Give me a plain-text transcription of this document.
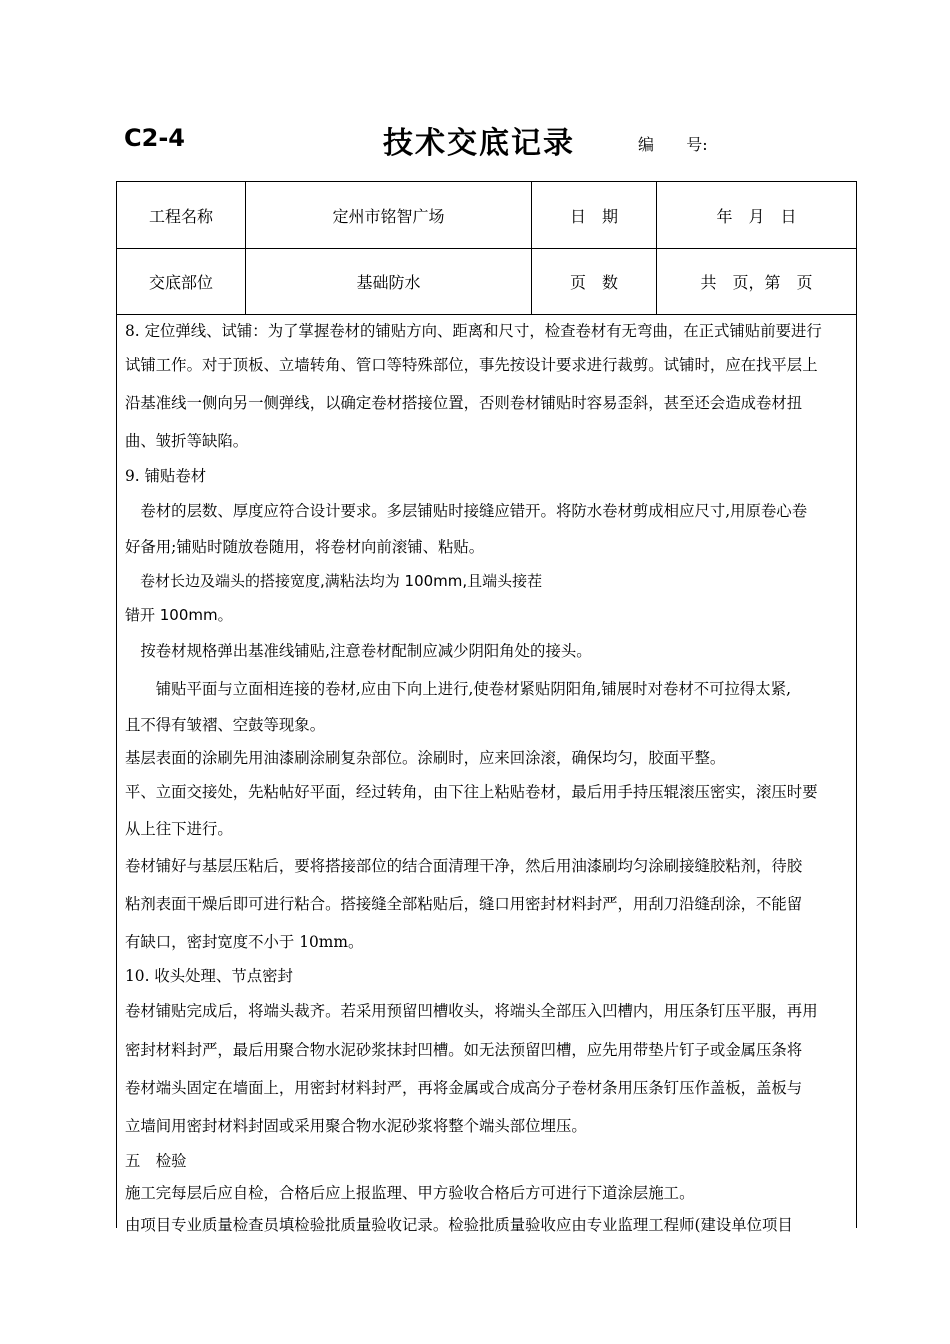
C2-4	技术交底记录	编 号:
工程名称	定州市铭智广场	日　期	年　月　日
交底部位	基础防水	页　数	共　页，第　页

8. 定位弹线、试铺：为了掌握卷材的铺贴方向、距离和尺寸，检查卷材有无弯曲，在正式铺贴前要进行

试铺工作。对于顶板、立墙转角、管口等特殊部位，事先按设计要求进行裁剪。试铺时，应在找平层上

沿基准线一侧向另一侧弹线，以确定卷材搭接位置，否则卷材铺贴时容易歪斜，甚至还会造成卷材扭

曲、皱折等缺陷。

9. 铺贴卷材

　卷材的层数、厚度应符合设计要求。多层铺贴时接缝应错开。将防水卷材剪成相应尺寸,用原卷心卷

好备用;铺贴时随放卷随用，将卷材向前滚铺、粘贴。

　卷材长边及端头的搭接宽度,满粘法均为 100mm,且端头接茬

错开 100mm。

　按卷材规格弹出基准线铺贴,注意卷材配制应减少阴阳角处的接头。

　　铺贴平面与立面相连接的卷材,应由下向上进行,使卷材紧贴阴阳角,铺展时对卷材不可拉得太紧,

且不得有皱褶、空鼓等现象。

基层表面的涂刷先用油漆刷涂刷复杂部位。涂刷时，应来回涂滚，确保均匀，胶面平整。

平、立面交接处，先粘帖好平面，经过转角，由下往上粘贴卷材，最后用手持压辊滚压密实，滚压时要

从上往下进行。

卷材铺好与基层压粘后，要将搭接部位的结合面清理干净，然后用油漆刷均匀涂刷接缝胶粘剂，待胶

粘剂表面干燥后即可进行粘合。搭接缝全部粘贴后，缝口用密封材料封严，用刮刀沿缝刮涂，不能留

有缺口，密封宽度不小于 10mm。

10. 收头处理、节点密封

卷材铺贴完成后，将端头裁齐。若采用预留凹槽收头，将端头全部压入凹槽内，用压条钉压平服，再用

密封材料封严，最后用聚合物水泥砂浆抹封凹槽。如无法预留凹槽，应先用带垫片钉子或金属压条将

卷材端头固定在墙面上，用密封材料封严，再将金属或合成高分子卷材条用压条钉压作盖板，盖板与

立墙间用密封材料封固或采用聚合物水泥砂浆将整个端头部位埋压。

五　检验

施工完每层后应自检，合格后应上报监理、甲方验收合格后方可进行下道涂层施工。

由项目专业质量检查员填检验批质量验收记录。检验批质量验收应由专业监理工程师(建设单位项目
